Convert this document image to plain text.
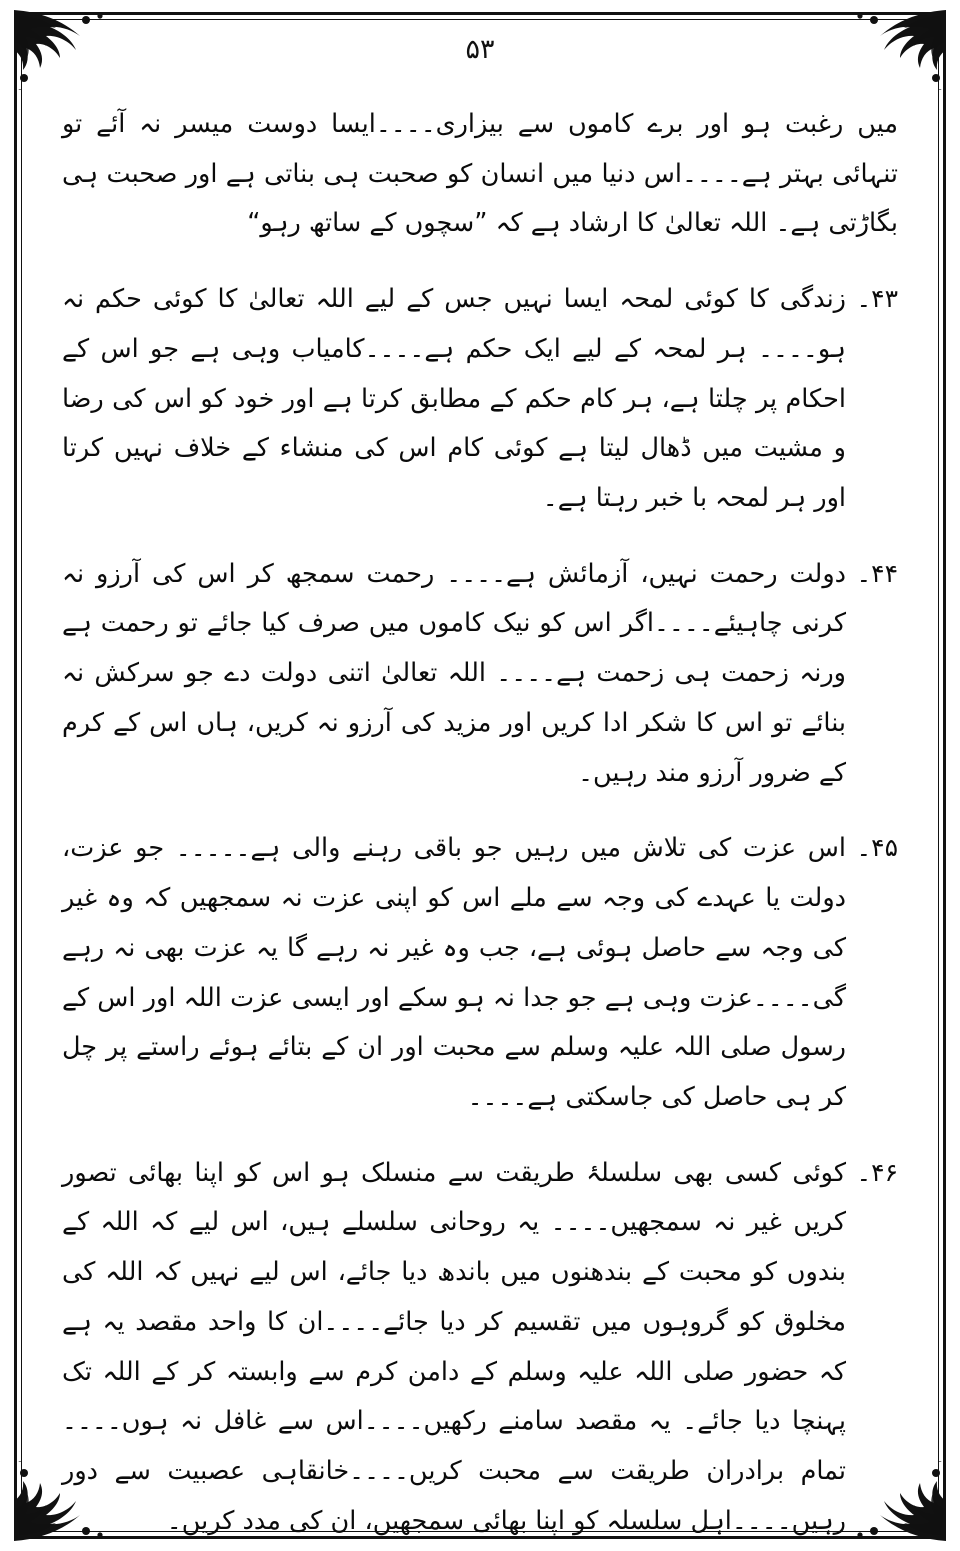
۵۳
میں رغبت ہو اور برے کاموں سے بیزاری۔۔۔۔ایسا دوست میسر نہ آئے تو تنہائی بہتر ہے۔۔۔۔اس دنیا میں انسان کو صحبت ہی بناتی ہے اور صحبت ہی بگاڑتی ہے۔ اللہ تعالیٰ کا ارشاد ہے کہ ”سچوں کے ساتھ رہو“
۴۳۔
زندگی کا کوئی لمحہ ایسا نہیں جس کے لیے اللہ تعالیٰ کا کوئی حکم نہ ہو۔۔۔۔ ہر لمحہ کے لیے ایک حکم ہے۔۔۔۔کامیاب وہی ہے جو اس کے احکام پر چلتا ہے، ہر کام حکم کے مطابق کرتا ہے اور خود کو اس کی رضا و مشیت میں ڈھال لیتا ہے کوئی کام اس کی منشاء کے خلاف نہیں کرتا اور ہر لمحہ با خبر رہتا ہے۔
۴۴۔
دولت رحمت نہیں، آزمائش ہے۔۔۔۔ رحمت سمجھ کر اس کی آرزو نہ کرنی چاہیئے۔۔۔۔اگر اس کو نیک کاموں میں صرف کیا جائے تو رحمت ہے ورنہ زحمت ہی زحمت ہے۔۔۔۔ اللہ تعالیٰ اتنی دولت دے جو سرکش نہ بنائے تو اس کا شکر ادا کریں اور مزید کی آرزو نہ کریں، ہاں اس کے کرم کے ضرور آرزو مند رہیں۔
۴۵۔
اس عزت کی تلاش میں رہیں جو باقی رہنے والی ہے۔۔۔۔۔ جو عزت، دولت یا عہدے کی وجہ سے ملے اس کو اپنی عزت نہ سمجھیں کہ وہ غیر کی وجہ سے حاصل ہوئی ہے، جب وہ غیر نہ رہے گا یہ عزت بھی نہ رہے گی۔۔۔۔عزت وہی ہے جو جدا نہ ہو سکے اور ایسی عزت اللہ اور اس کے رسول صلی اللہ علیہ وسلم سے محبت اور ان کے بتائے ہوئے راستے پر چل کر ہی حاصل کی جاسکتی ہے۔۔۔۔
۴۶۔
کوئی کسی بھی سلسلۂ طریقت سے منسلک ہو اس کو اپنا بھائی تصور کریں غیر نہ سمجھیں۔۔۔۔ یہ روحانی سلسلے ہیں، اس لیے کہ اللہ کے بندوں کو محبت کے بندھنوں میں باندھ دیا جائے، اس لیے نہیں کہ اللہ کی مخلوق کو گروہوں میں تقسیم کر دیا جائے۔۔۔۔ان کا واحد مقصد یہ ہے کہ حضور صلی اللہ علیہ وسلم کے دامن کرم سے وابستہ کر کے اللہ تک پہنچا دیا جائے۔ یہ مقصد سامنے رکھیں۔۔۔۔اس سے غافل نہ ہوں۔۔۔۔تمام برادران طریقت سے محبت کریں۔۔۔۔خانقاہی عصبیت سے دور رہیں۔۔۔۔اہل سلسلہ کو اپنا بھائی سمجھیں، ان کی مدد کریں۔
